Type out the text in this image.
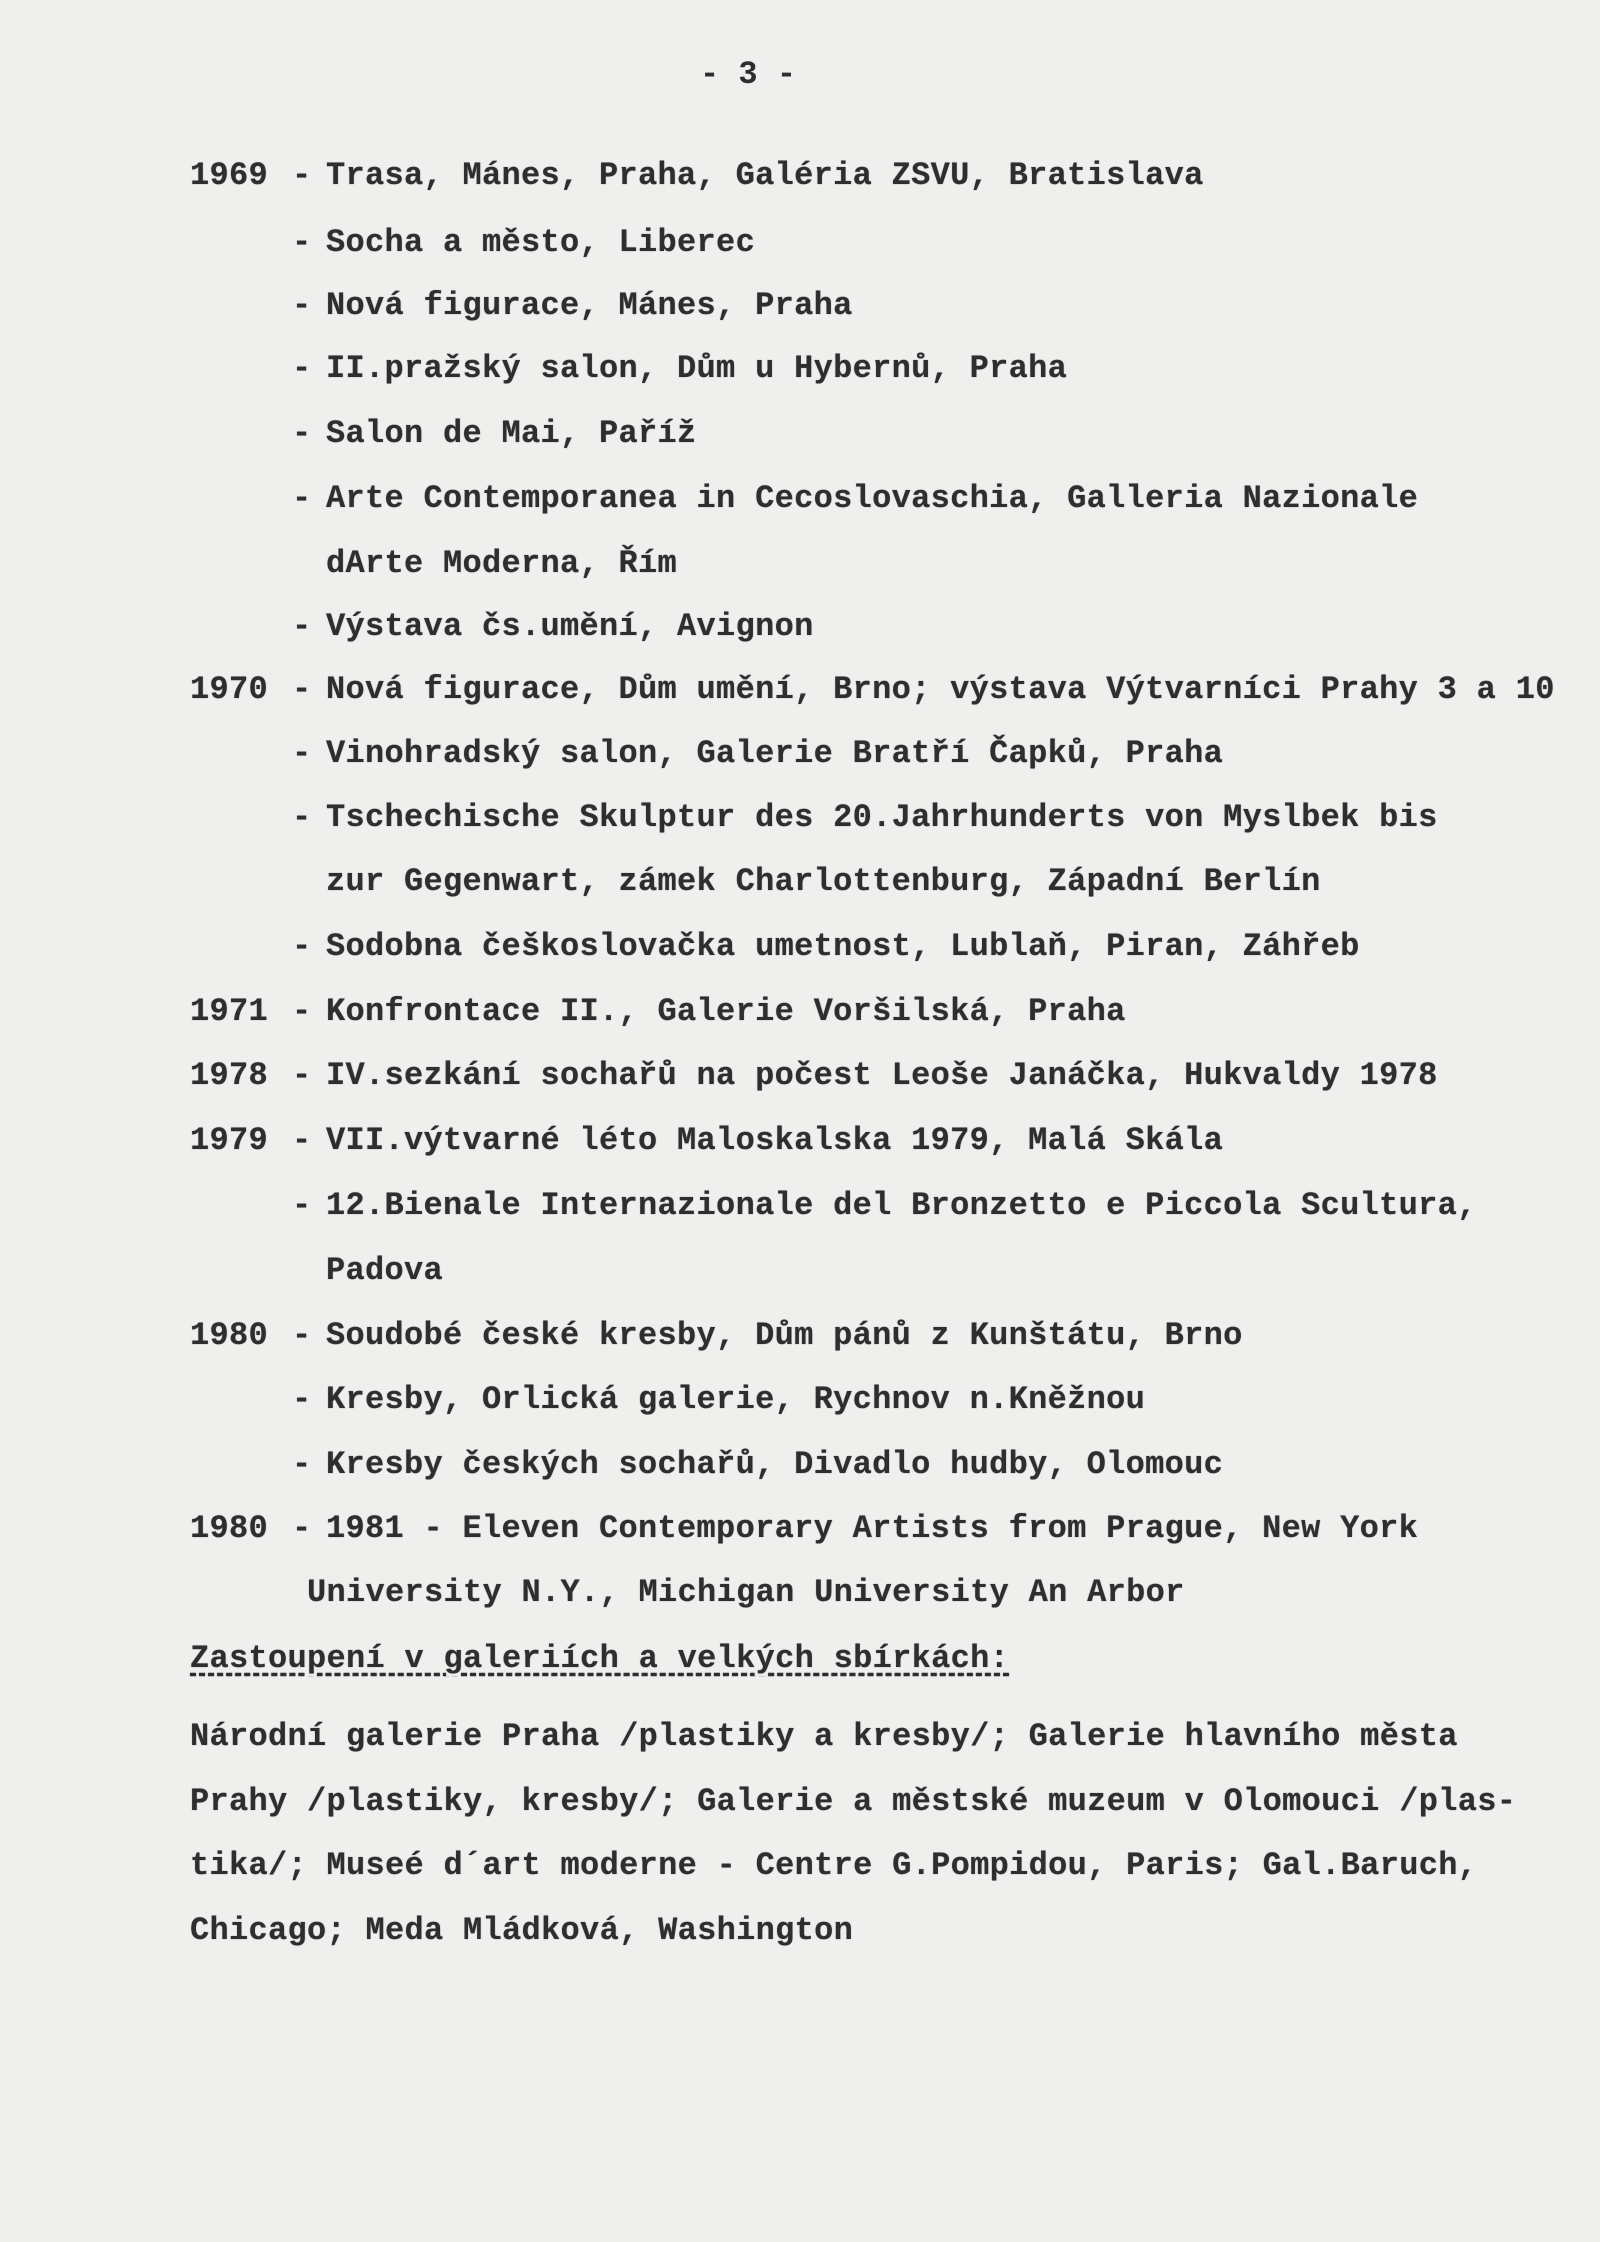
- 3 -
1969 - Trasa, Mánes, Praha, Galéria ZSVU, Bratislava
- Socha a město, Liberec
- Nová figurace, Mánes, Praha
- II.pražský salon, Dům u Hybernů, Praha
- Salon de Mai, Paříž
- Arte Contemporanea in Cecoslovaschia, Galleria Nazionale
dArte Moderna, Řím
- Výstava čs.umění, Avignon
1970 - Nová figurace, Dům umění, Brno; výstava Výtvarníci Prahy 3 a 10
- Vinohradský salon, Galerie Bratří Čapků, Praha
- Tschechische Skulptur des 20.Jahrhunderts von Myslbek bis
zur Gegenwart, zámek Charlottenburg, Západní Berlín
- Sodobna češkoslovačka umetnost, Lublaň, Piran, Záhřeb
1971 - Konfrontace II., Galerie Voršilská, Praha
1978 - IV.sezkání sochařů na počest Leoše Janáčka, Hukvaldy 1978
1979 - VII.výtvarné léto Maloskalska 1979, Malá Skála
- 12.Bienale Internazionale del Bronzetto e Piccola Scultura,
Padova
1980 - Soudobé české kresby, Dům pánů z Kunštátu, Brno
- Kresby, Orlická galerie, Rychnov n.Kněžnou
- Kresby českých sochařů, Divadlo hudby, Olomouc
1980 - 1981 - Eleven Contemporary Artists from Prague, New York
University N.Y., Michigan University An Arbor
Zastoupení v galeriích a velkých sbírkách:
Národní galerie Praha /plastiky a kresby/; Galerie hlavního města
Prahy /plastiky, kresby/; Galerie a městské muzeum v Olomouci /plas-
tika/; Museé d´art moderne - Centre G.Pompidou, Paris; Gal.Baruch,
Chicago; Meda Mládková, Washington
